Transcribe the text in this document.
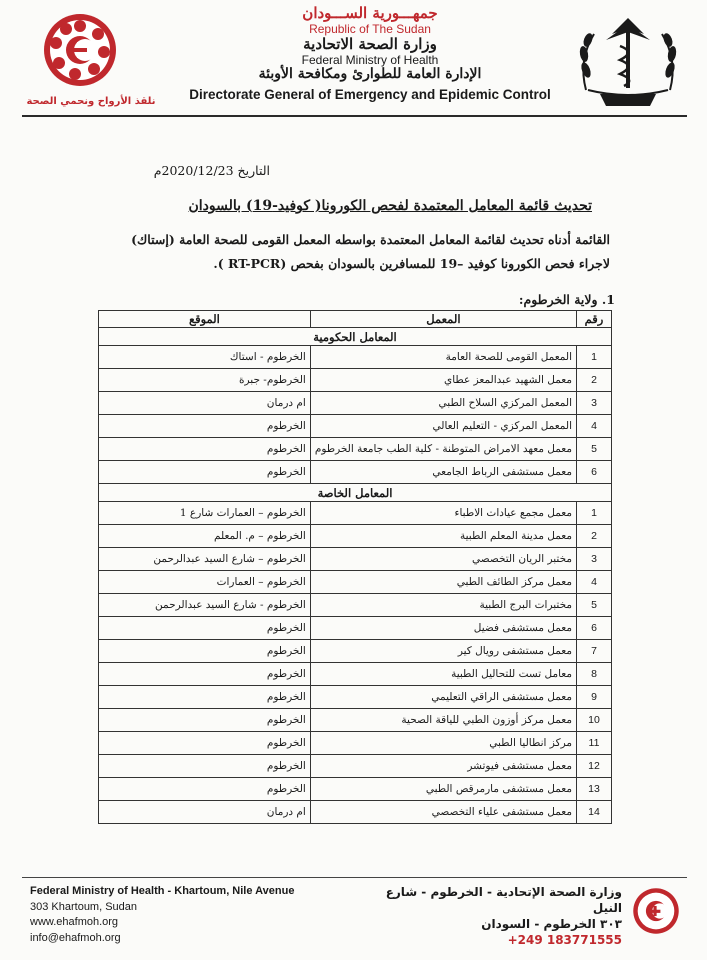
جمهـــورية الســـودان
Republic of The Sudan
وزارة الصحة الاتحادية
Federal Ministry of Health
الإدارة العامة للطوارئ ومكافحة الأوبئة
Directorate General of Emergency and Epidemic Control
نلقذ الأرواح ونحمي الصحة
التاريخ 2020/12/23م
تحديث قائمة المعامل المعتمدة لفحص الكورونا( كوفيد-19) بالسودان
القائمة أدناه تحديث لقائمة المعامل المعتمدة بواسطه المعمل القومى للصحة العامة (إستاك)
لاجراء فحص الكورونا كوفيد –19 للمسافرين بالسودان بفحص (RT-PCR ).
1. ولاية الخرطوم:
رقم	المعمل	الموقع
المعامل الحكومية		
1	المعمل القومى للصحة العامة	الخرطوم - استاك
2	معمل الشهيد عبدالمعز عطاي	الخرطوم- جبرة
3	المعمل المركزي السلاح الطبي	ام درمان
4	المعمل المركزي - التعليم العالي	الخرطوم
5	معمل معهد الامراض المتوطنة - كلية الطب جامعة الخرطوم	الخرطوم
6	معمل مستشفى الرباط الجامعي	الخرطوم
المعامل الخاصة		
1	معمل مجمع عيادات الاطباء	الخرطوم – العمارات شارع 1
2	معمل مدينة المعلم الطبية	الخرطوم – م. المعلم
3	مختبر الريان التخصصي	الخرطوم – شارع السيد عبدالرحمن
4	معمل مركز الطائف الطبي	الخرطوم – العمارات
5	مختبرات البرج الطبية	الخرطوم - شارع السيد عبدالرحمن
6	معمل مستشفى فضيل	الخرطوم
7	معمل مستشفى رويال كير	الخرطوم
8	معامل تست للتحاليل الطبية	الخرطوم
9	معمل مستشفى الراقي التعليمي	الخرطوم
10	معمل مركز أوزون الطبي للياقة الصحية	الخرطوم
11	مركز انطاليا الطبي	الخرطوم
12	معمل مستشفى فيوتشر	الخرطوم
13	معمل مستشفى مارمرقص الطبي	الخرطوم
14	معمل مستشفى علياء التخصصي	ام درمان
Federal Ministry of Health - Khartoum, Nile Avenue
303 Khartoum, Sudan
www.ehafmoh.org
info@ehafmoh.org
وزارة الصحة الإتحادية - الخرطوم - شارع النيل
٣٠٣ الخرطوم - السودان
+249 183771555
